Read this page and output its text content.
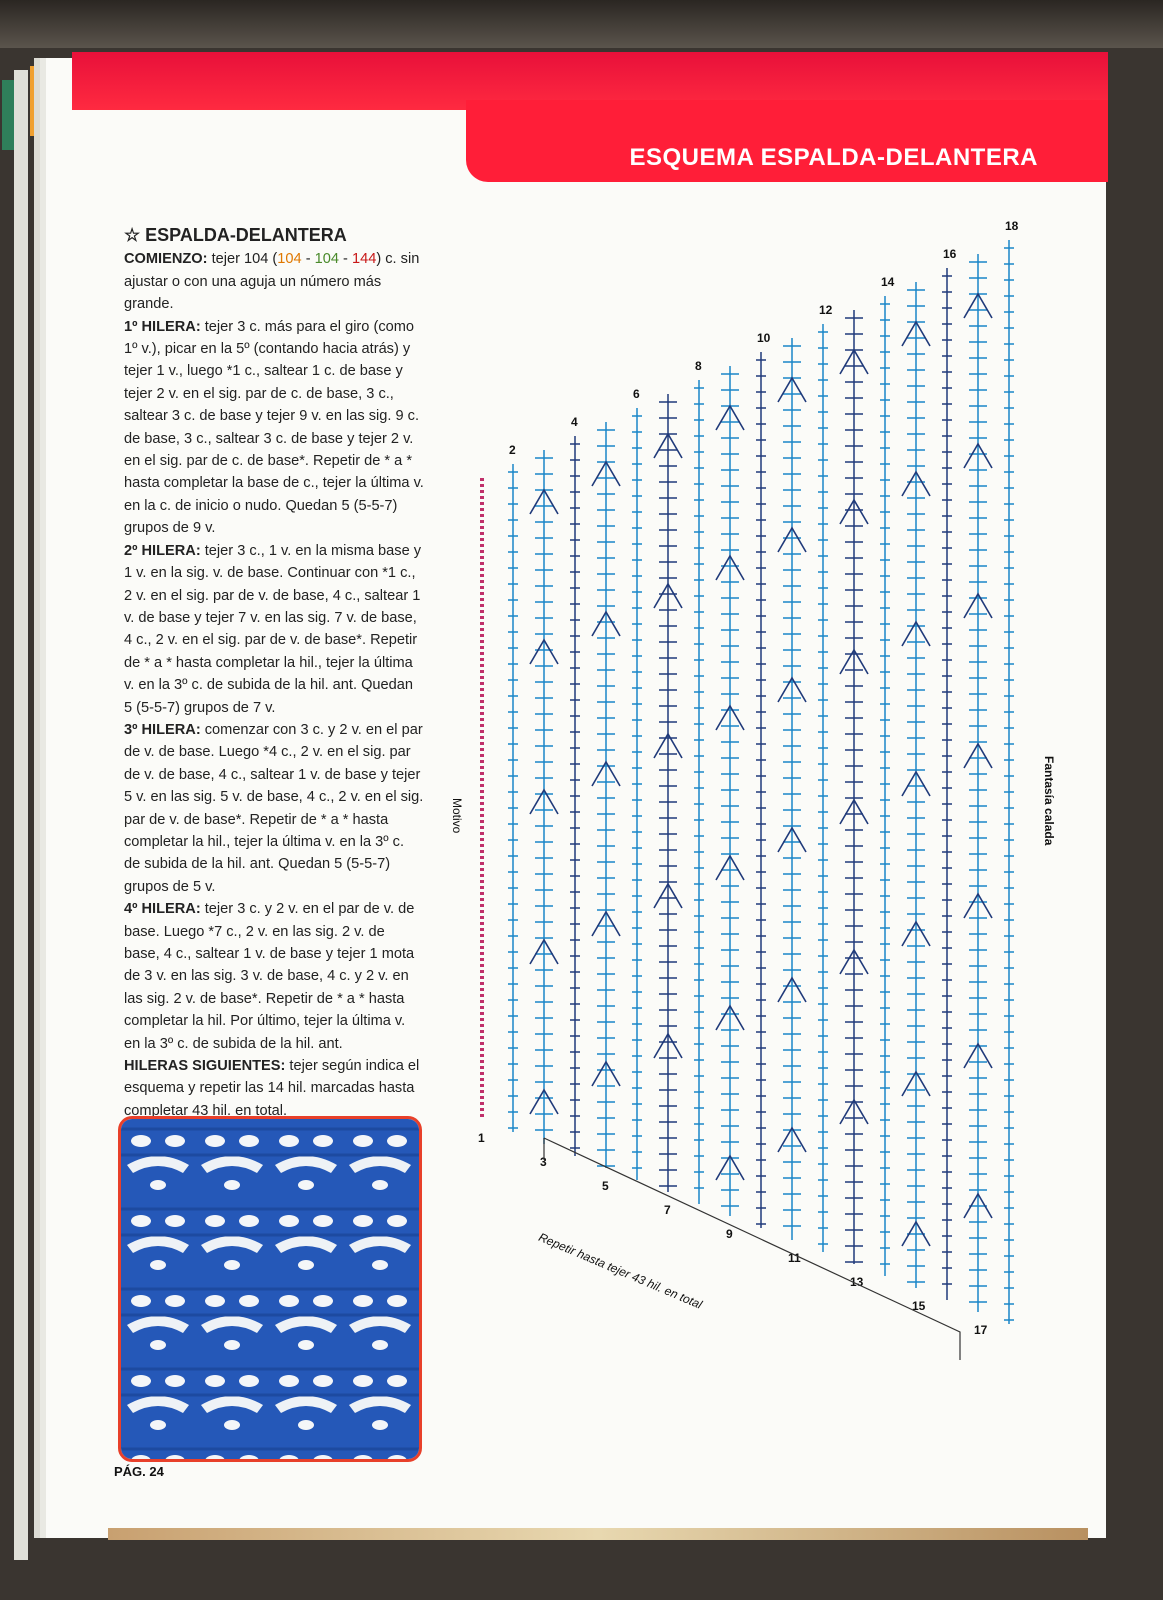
ESQUEMA ESPALDA-DELANTERA

☆ ESPALDA-DELANTERA

COMIENZO: tejer 104 (104 - 104 - 144) c. sin ajustar o con una aguja un número más grande.

1º HILERA: tejer 3 c. más para el giro (como 1º v.), picar en la 5º (contando hacia atrás) y tejer 1 v., luego *1 c., saltear 1 c. de base y tejer 2 v. en el sig. par de c. de base, 3 c., saltear 3 c. de base y tejer 9 v. en las sig. 9 c. de base, 3 c., saltear 3 c. de base y tejer 2 v. en el sig. par de c. de base*. Repetir de * a * hasta completar la base de c., tejer la última v. en la c. de inicio o nudo. Quedan 5 (5-5-7) grupos de 9 v.

2º HILERA: tejer 3 c., 1 v. en la misma base y 1 v. en la sig. v. de base. Continuar con *1 c., 2 v. en el sig. par de v. de base, 4 c., saltear 1 v. de base y tejer 7 v. en las sig. 7 v. de base, 4 c., 2 v. en el sig. par de v. de base*. Repetir de * a * hasta completar la hil., tejer la última v. en la 3º c. de subida de la hil. ant. Quedan 5 (5-5-7) grupos de 7 v.

3º HILERA: comenzar con 3 c. y 2 v. en el par de v. de base. Luego *4 c., 2 v. en el sig. par de v. de base, 4 c., saltear 1 v. de base y tejer 5 v. en las sig. 5 v. de base, 4 c., 2 v. en el sig. par de v. de base*. Repetir de * a * hasta completar la hil., tejer la última v. en la 3º c. de subida de la hil. ant. Quedan 5 (5-5-7) grupos de 5 v.

4º HILERA: tejer 3 c. y 2 v. en el par de v. de base. Luego *7 c., 2 v. en las sig. 2 v. de base, 4 c., saltear 1 v. de base y tejer 1 mota de 3 v. en las sig. 3 v. de base, 4 c. y 2 v. en las sig. 2 v. de base*. Repetir de * a * hasta completar la hil. Por último, tejer la última v. en la 3º c. de subida de la hil. ant.

HILERAS SIGUIENTES: tejer según indica el esquema y repetir las 14 hil. marcadas hasta completar 43 hil. en total.

PÁG. 24
1
2
3
4
5
6
7
8
9
10
11
12
13
14
15
16
17
18
Fantasía calada
Motivo
Repetir hasta tejer 43 hil. en total
